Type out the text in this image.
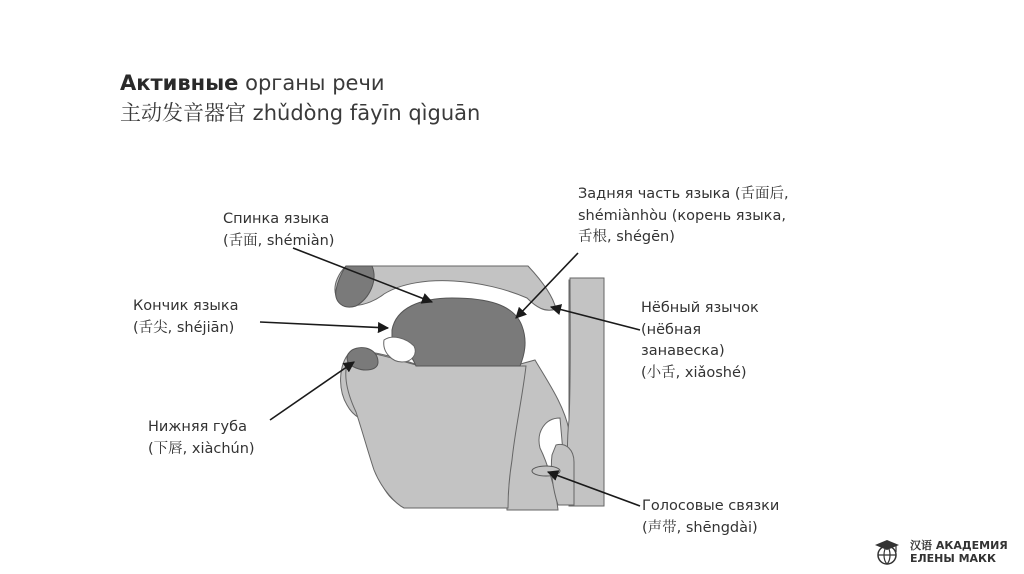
Активные органы речи
主动发音器官 zhǔdòng fāyīn qìguān
Задняя часть языка (舌面后,
shémiànhòu (корень языка,
舌根, shégēn)
Спинка языка
(舌面, shémiàn)
Кончик языка
(舌尖, shéjiān)
Нёбный язычок
(нёбная
занавеска)
(小舌, xiǎoshé)
Нижняя губа
(下唇, xiàchún)
Голосовые связки
(声带, shēngdài)
汉语 АКАДЕМИЯ
ЕЛЕНЫ МАКК
